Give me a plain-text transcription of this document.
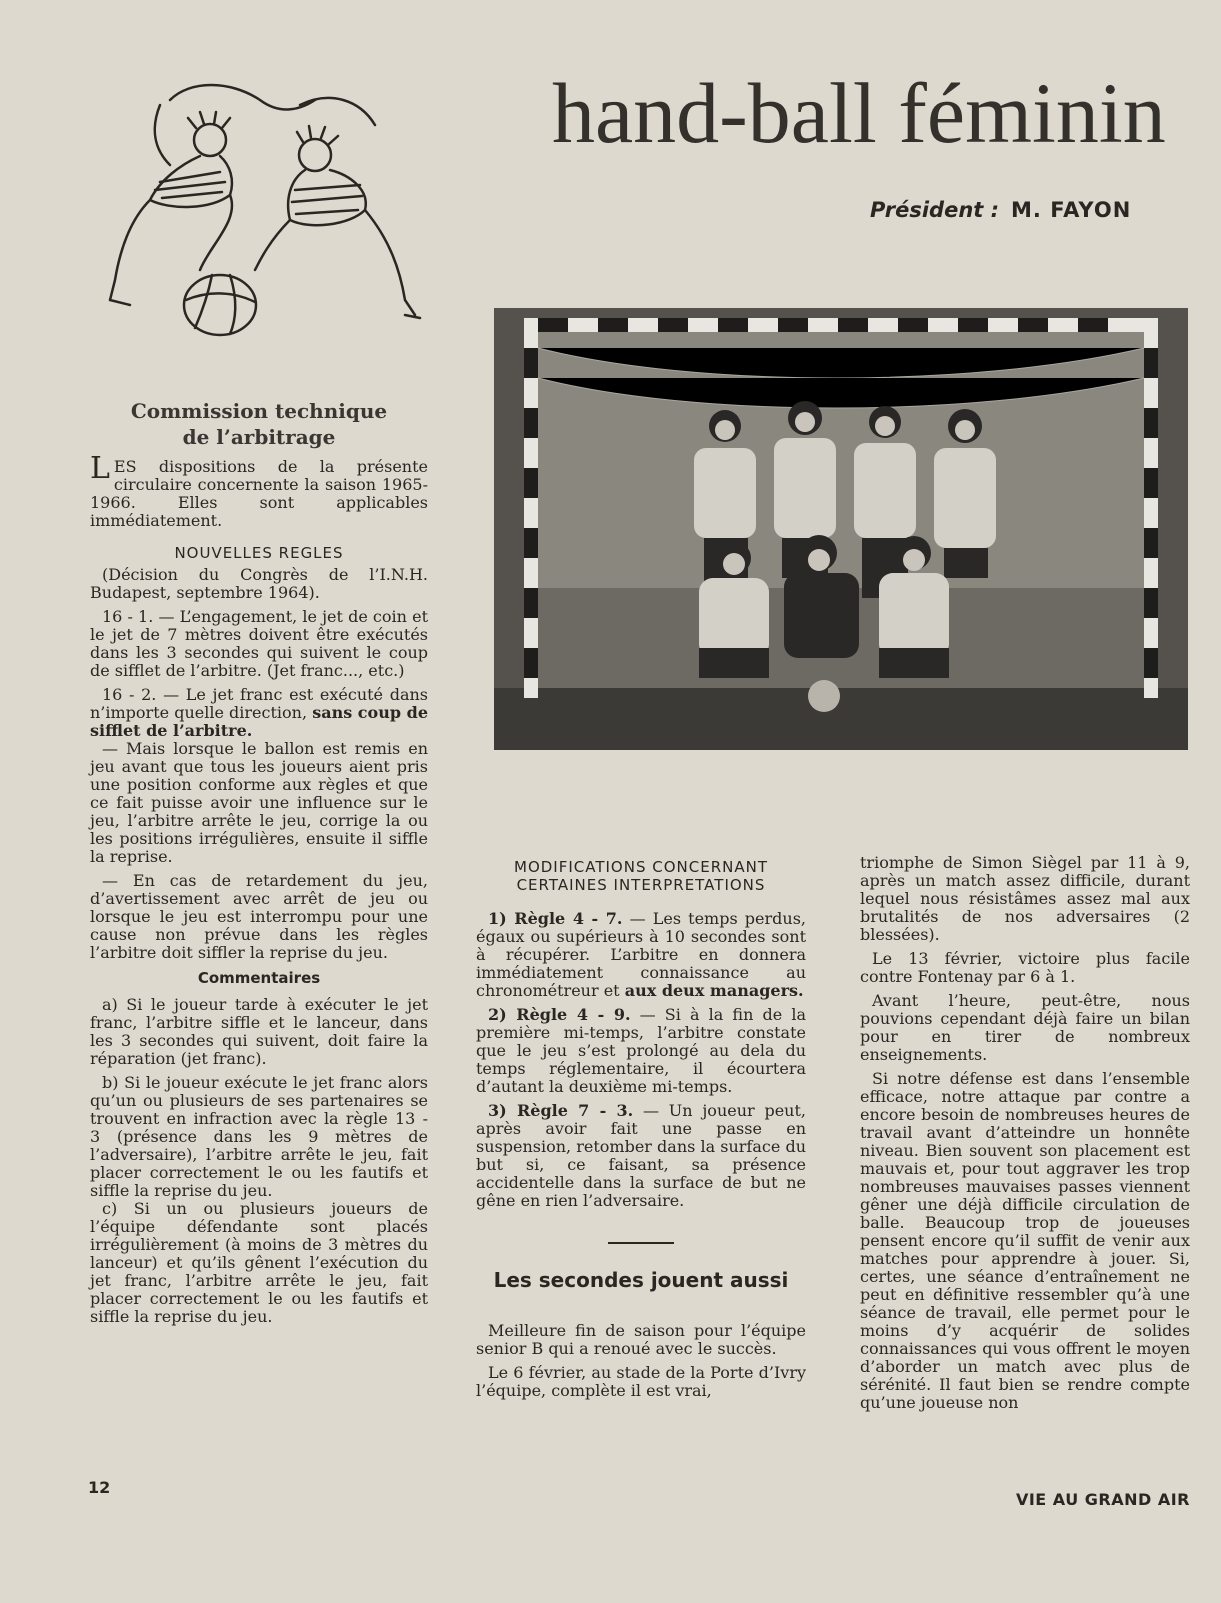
hand-ball féminin
Président : M. FAYON
Commission technique
de l’arbitrage

LES dispositions de la présente circulaire concernente la saison 1965-1966. Elles sont applicables immédiatement.

NOUVELLES REGLES

(Décision du Congrès de l’I.N.H. Budapest, septembre 1964).

16 - 1. — L’engagement, le jet de coin et le jet de 7 mètres doivent être exécutés dans les 3 secondes qui suivent le coup de sifflet de l’arbitre. (Jet franc..., etc.)

16 - 2. — Le jet franc est exécuté dans n’importe quelle direction, sans coup de sifflet de l’arbitre.

— Mais lorsque le ballon est remis en jeu avant que tous les joueurs aient pris une position conforme aux règles et que ce fait puisse avoir une influence sur le jeu, l’arbitre arrête le jeu, corrige la ou les positions irrégulières, ensuite il siffle la reprise.

— En cas de retardement du jeu, d’avertissement avec arrêt de jeu ou lorsque le jeu est interrompu pour une cause non prévue dans les règles l’arbitre doit siffler la reprise du jeu.

Commentaires

a) Si le joueur tarde à exécuter le jet franc, l’arbitre siffle et le lanceur, dans les 3 secondes qui suivent, doit faire la réparation (jet franc).

b) Si le joueur exécute le jet franc alors qu’un ou plusieurs de ses partenaires se trouvent en infraction avec la règle 13 - 3 (présence dans les 9 mètres de l’adversaire), l’arbitre arrête le jeu, fait placer correctement le ou les fautifs et siffle la reprise du jeu.

c) Si un ou plusieurs joueurs de l’équipe défendante sont placés irrégulièrement (à moins de 3 mètres du lanceur) et qu’ils gênent l’exécution du jet franc, l’arbitre arrête le jeu, fait placer correctement le ou les fautifs et siffle la reprise du jeu.

MODIFICATIONS CONCERNANT
CERTAINES INTERPRETATIONS

1) Règle 4 - 7. — Les temps perdus, égaux ou supérieurs à 10 secondes sont à récupérer. L’arbitre en donnera immédiatement connaissance au chronométreur et aux deux managers.

2) Règle 4 - 9. — Si à la fin de la première mi-temps, l’arbitre constate que le jeu s’est prolongé au dela du temps réglementaire, il écourtera d’autant la deuxième mi-temps.

3) Règle 7 - 3. — Un joueur peut, après avoir fait une passe en suspension, retomber dans la surface du but si, ce faisant, sa présence accidentelle dans la surface de but ne gêne en rien l’adversaire.

Les secondes jouent aussi

Meilleure fin de saison pour l’équipe senior B qui a renoué avec le succès.

Le 6 février, au stade de la Porte d’Ivry l’équipe, complète il est vrai,

triomphe de Simon Siègel par 11 à 9, après un match assez difficile, durant lequel nous résistâmes assez mal aux brutalités de nos adversaires (2 blessées).

Le 13 février, victoire plus facile contre Fontenay par 6 à 1.

Avant l’heure, peut-être, nous pouvions cependant déjà faire un bilan pour en tirer de nombreux enseignements.

Si notre défense est dans l’ensemble efficace, notre attaque par contre a encore besoin de nombreuses heures de travail avant d’atteindre un honnête niveau. Bien souvent son placement est mauvais et, pour tout aggraver les trop nombreuses mauvaises passes viennent gêner une déjà difficile circulation de balle. Beaucoup trop de joueuses pensent encore qu’il suffit de venir aux matches pour apprendre à jouer. Si, certes, une séance d’entraînement ne peut en définitive ressembler qu’à une séance de travail, elle permet pour le moins d’y acquérir de solides connaissances qui vous offrent le moyen d’aborder un match avec plus de sérénité. Il faut bien se rendre compte qu’une joueuse non

12
VIE AU GRAND AIR
